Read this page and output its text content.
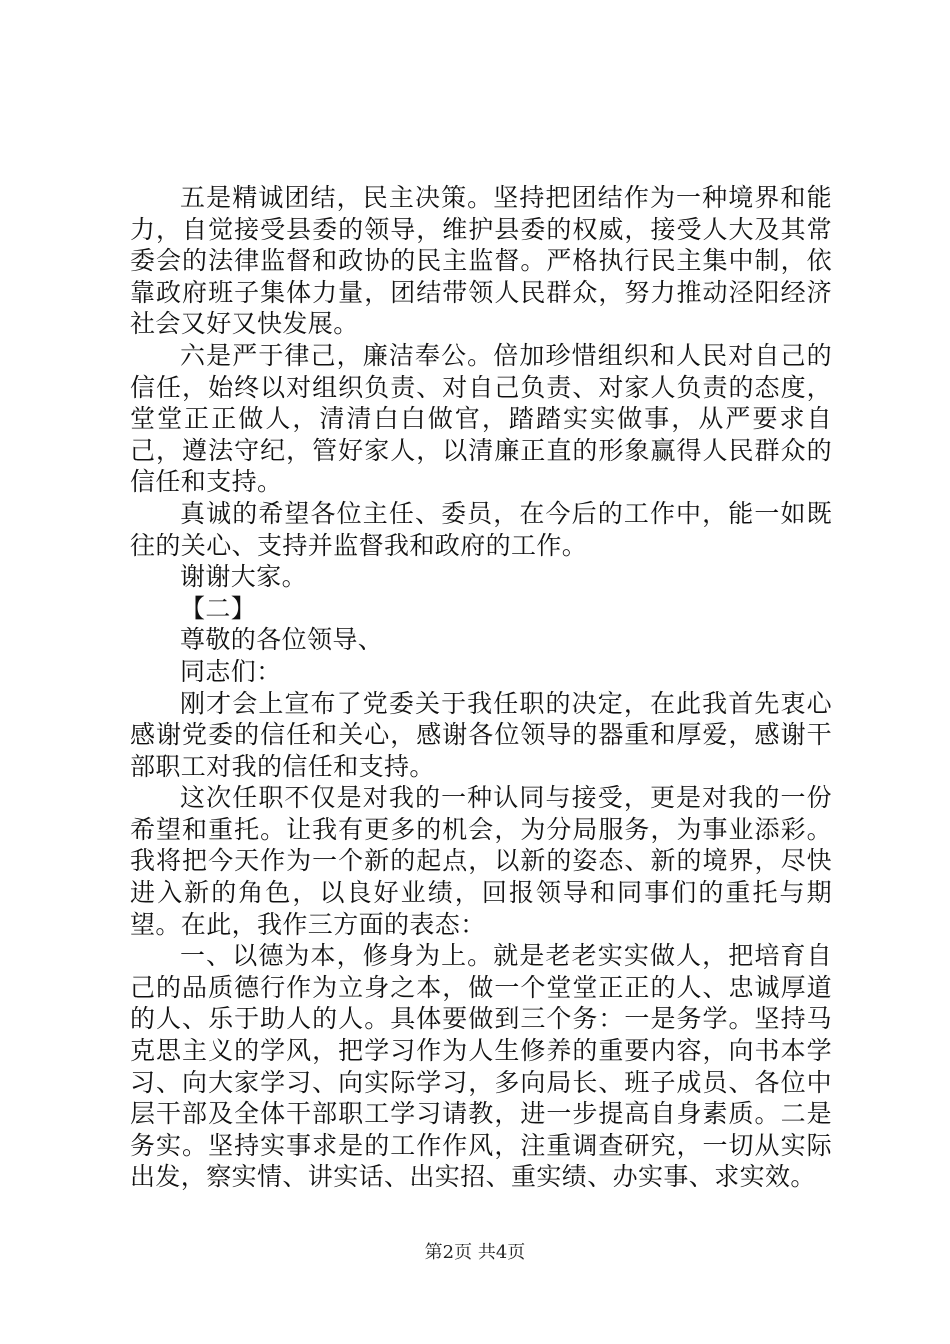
五是精诚团结，民主决策。坚持把团结作为一种境界和能力，自觉接受县委的领导，维护县委的权威，接受人大及其常委会的法律监督和政协的民主监督。严格执行民主集中制，依靠政府班子集体力量，团结带领人民群众，努力推动泾阳经济社会又好又快发展。

六是严于律己，廉洁奉公。倍加珍惜组织和人民对自己的信任，始终以对组织负责、对自己负责、对家人负责的态度，堂堂正正做人，清清白白做官，踏踏实实做事，从严要求自己，遵法守纪，管好家人，以清廉正直的形象赢得人民群众的信任和支持。

真诚的希望各位主任、委员，在今后的工作中，能一如既往的关心、支持并监督我和政府的工作。

谢谢大家。

【二】

尊敬的各位领导、

同志们：

刚才会上宣布了党委关于我任职的决定，在此我首先衷心感谢党委的信任和关心，感谢各位领导的器重和厚爱，感谢干部职工对我的信任和支持。

这次任职不仅是对我的一种认同与接受，更是对我的一份希望和重托。让我有更多的机会，为分局服务，为事业添彩。我将把今天作为一个新的起点，以新的姿态、新的境界，尽快进入新的角色，以良好业绩，回报领导和同事们的重托与期望。在此，我作三方面的表态：

一、以德为本，修身为上。就是老老实实做人，把培育自己的品质德行作为立身之本，做一个堂堂正正的人、忠诚厚道的人、乐于助人的人。具体要做到三个务：一是务学。坚持马克思主义的学风，把学习作为人生修养的重要内容，向书本学习、向大家学习、向实际学习，多向局长、班子成员、各位中层干部及全体干部职工学习请教，进一步提高自身素质。二是务实。坚持实事求是的工作作风，注重调查研究，一切从实际出发，察实情、讲实话、出实招、重实绩、办实事、求实效。

第2页 共4页
